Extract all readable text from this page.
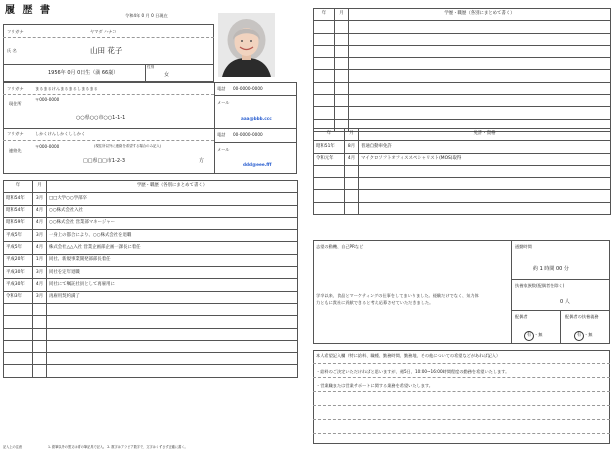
履 歴 書	令和4年 0 月 0 日現在
フリガナ	ヤマダ ハナコ
氏 名	山田 花子
1956年 0月 0日生（満 66歳）
性別
女
フリガナ	まるまるけんまるまるしまるまる
現住所
〒000-0000
○○県○○市○○1-1-1
電話 00-0000-0000
メール
aaa@bbb.ccc
フリガナ	しかくけんしかくししかく
連絡先
〒000-0000	(現住所以外に連絡を希望する場合のみ記入)
□□県□□市1-2-3	方
電話 00-0000-0000
メール
ddd@eee.fff
年	月	学歴・職歴（各別にまとめて書く）
昭和54年	3月	□□大学○○学部卒
昭和54年	4月	○○株式会社入社
昭和59年	4月	○○株式会社 営業部マネージャー
平成5年	3月	一身上の都合により、○○株式会社を退職
平成5年	4月	株式会社△△入社 営業企画部企画一課長に着任
平成20年	1月	同社、新規事業開発部部長着任
平成30年	3月	同社を定年退職
平成30年	4月	同社にて嘱託社員として再雇用に
令和3年	3月	再雇用契約満了

記入上の注意	1. 鉛筆以外の黒又は青の筆記具で記入。 2. 数字はアラビア数字で、文字はくずさず正確に書く。
年	月	学歴・職歴（各別にまとめて書く）

年	月	免許・資格
昭和51年	8月	普通自動車免許
令和元年	4月	マイクロソフトオフィススペシャリスト(MOS)取得

志望の動機、自己PRなど
学卒以来、食品とマーケティングの仕事をしてまいりました。経験だけでなく、気力体
力ともに貴社に貢献できると考え応募させていただきました。
通勤時間
約 1 時間 00 分
扶養家族数(配偶者を除く)
0 人
配偶者
有 ・無
配偶者の扶養義務
有 ・無
本人希望記入欄（特に給料、職種、勤務時間、勤務地、その他についての希望などがあれば記入）
・給料のご決定いただければと思いますが、週5日、10:00~16:00時間程度の勤務を希望いたします。
・営業職または営業サポートに関する業務を希望いたします。
